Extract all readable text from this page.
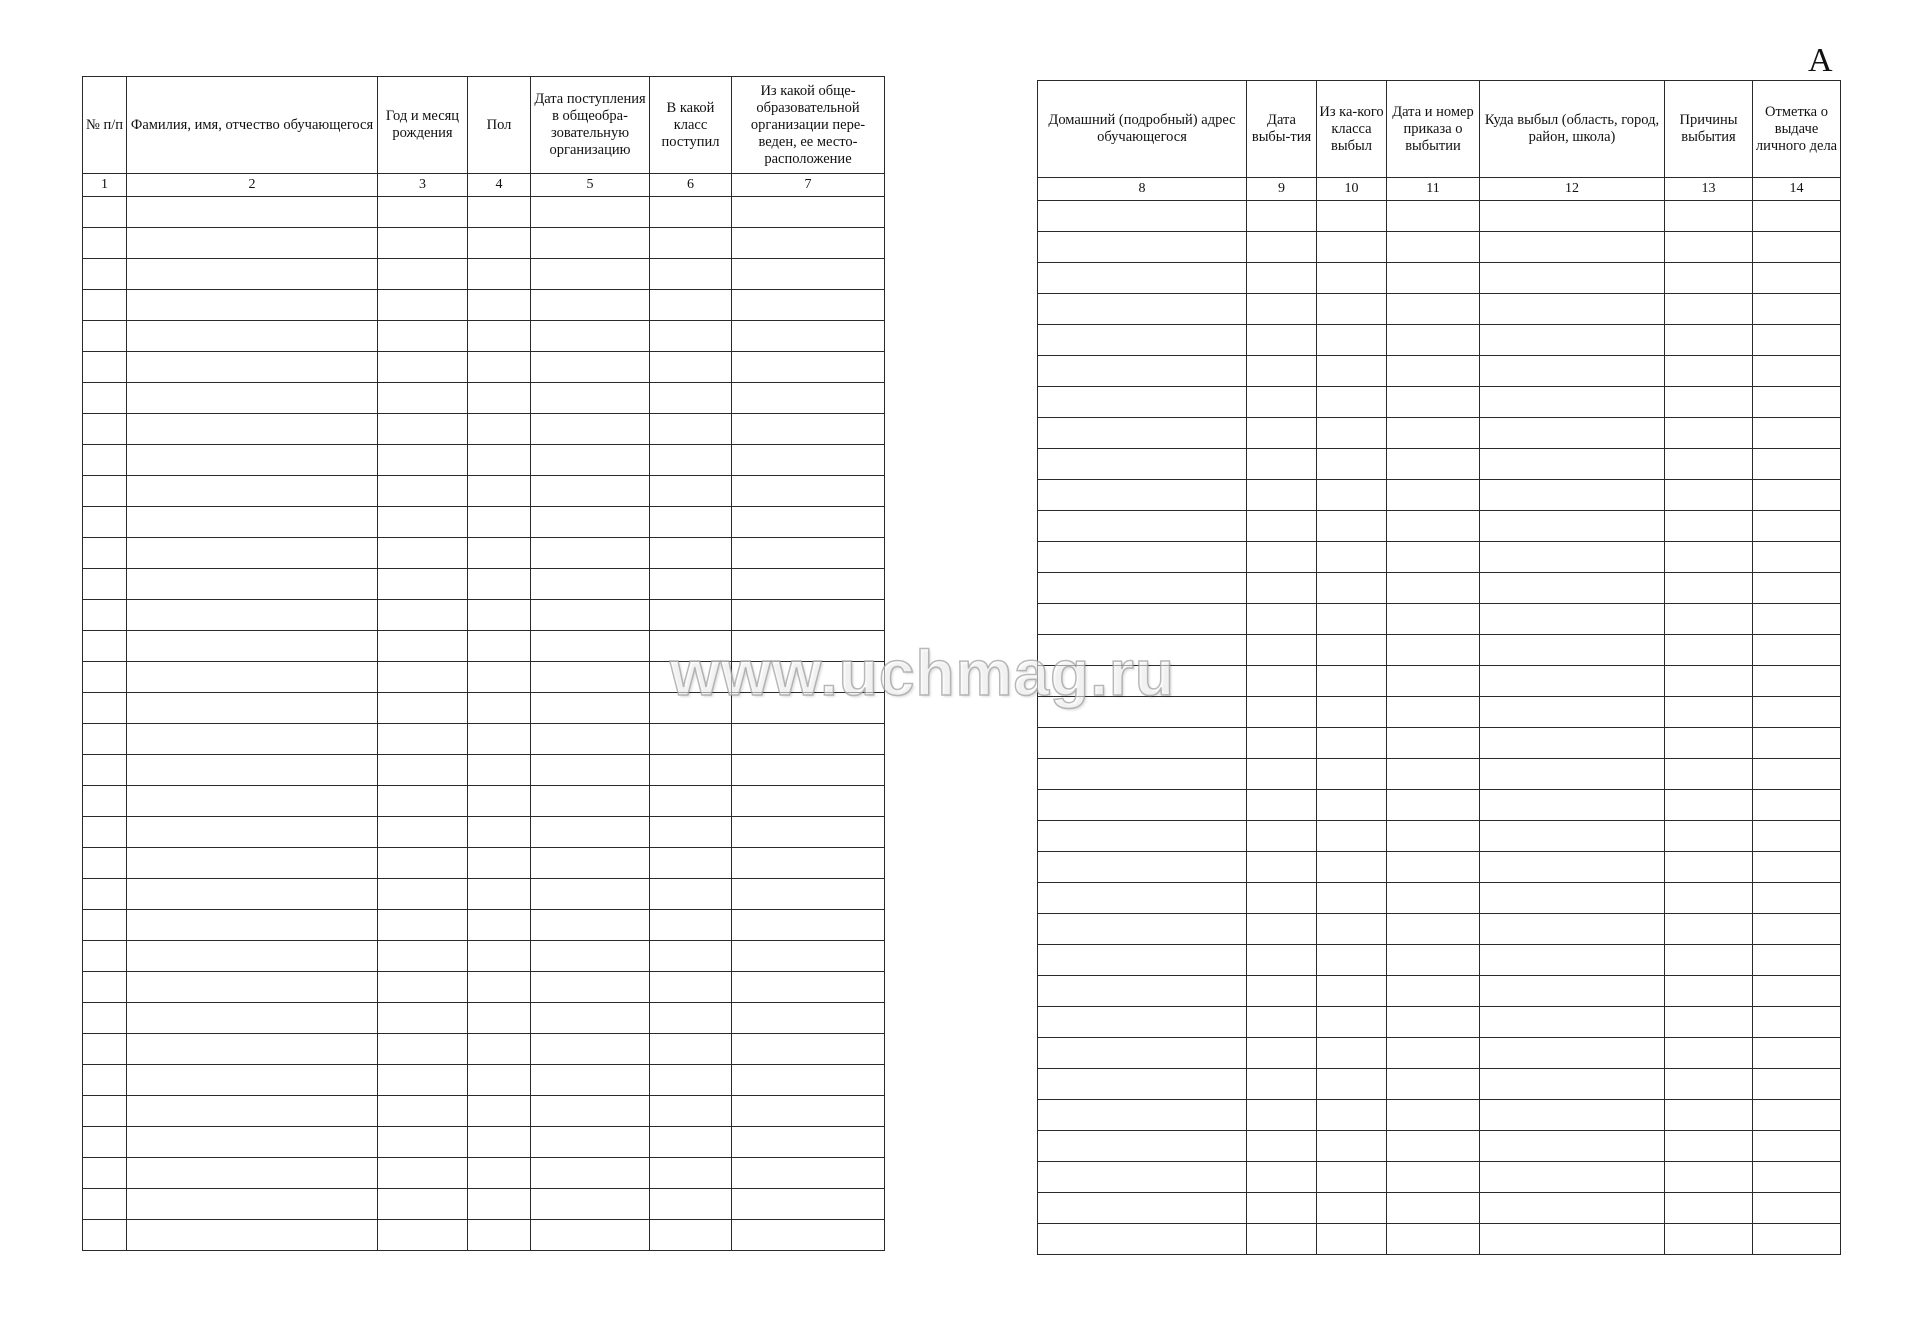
А
№ п/п	Фамилия, имя, отчество обучающегося	Год и месяц рождения	Пол	Дата поступления в общеобра-зовательную организацию	В какой класс поступил	Из какой обще-образовательной организации пере-веден, ее место-расположение
1	2	3	4	5	6	7

Домашний (подробный) адрес обучающегося	Дата выбы-тия	Из ка-кого класса выбыл	Дата и номер приказа о выбытии	Куда выбыл (область, город, район, школа)	Причины выбытия	Отметка о выдаче личного дела
8	9	10	11	12	13	14

www.uchmag.ru
